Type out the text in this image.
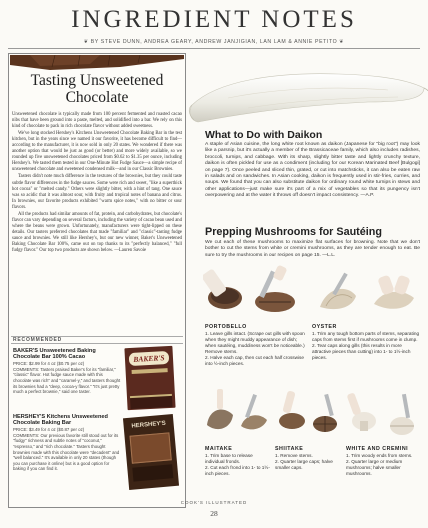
INGREDIENT NOTES
❦ BY STEVE DUNN, ANDREA GEARY, ANDREW JANJIGIAN, LAN LAM & ANNIE PETITO ❦
Tasting Unsweetened
Chocolate

Unsweetened chocolate is typically made from 100 percent fermented and roasted cacao nibs that have been ground into a paste, melted, and solidified into a bar. We rely on this kind of chocolate to pack in rich chocolate flavor without added sweetness.

We've long stocked Hershey's Kitchens Unsweetened Chocolate Baking Bar in the test kitchen, but in the years since we named it our favorite, it has become difficult to find—according to the manufacturer, it is now sold in only 20 states. We wondered if there was another option that would be just as good (or better) and more widely available, so we rounded up five unsweetened chocolates priced from $0.62 to $1.35 per ounce, including Hershey's. We tasted them tested in our One-Minute Hot Fudge Sauce—a simple recipe of unsweetened chocolate and sweetened condensed milk—and in our Classic Brownies.

Tasters didn't note much difference in the textures of the brownies, but they could taste subtle flavor differences in the fudge sauces. Some were rich and sweet, "like a superthick hot cocoa" or "melted candy." Others were slightly bitter, with a hint of tang. One sauce was so acidic that it was almost sour, with fruity and tropical notes of banana and citrus. In brownies, our favorite products exhibited "warm spice notes," with no bitter or sour flavors.

All the products had similar amounts of fat, protein, and carbohydrates, but chocolate's flavor can vary depending on several factors, including the variety of cacao bean used and where the beans were grown. Unfortunately, manufacturers were tight-lipped on these details. Our tasters preferred chocolates that made "familiar" and "classic"-tasting fudge sauce and brownies. We still like Hershey's, but our new winner, Baker's Unsweetened Baking Chocolate Bar 100%, came out on top thanks to its "perfectly balanced," "full fudgy flavor." Our top two products are shown below. —Lauren Savoie

RECOMMENDED
BAKER'S Unsweetened Baking
Chocolate Bar 100% Cacao
PRICE: $2.99 for 4 oz ($0.75 per oz)
COMMENTS: Tasters praised Baker's for its "familiar," "classic" flavor. Hot fudge sauce made with this chocolate was rich" and "caramel-y," and tasters thought its brownies had a "deep, cocoa-y flavor." "It's just pretty much a perfect brownie," said one taster.
BAKER'S
HERSHEY'S Kitchens Unsweetened
Chocolate Baking Bar
PRICE: $3.49 for 4 oz ($0.87 per oz)
COMMENTS: Our previous favorite still stood out for its "fudgy" richness and subtle notes of "coconut," "espresso," and "rich chocolate." Tasters thought brownies made with this chocolate were "decadent" and "well balanced." It's available in only 20 states (though you can purchase it online) but is a good option for baking if you can find it.
HERSHEY'S
What to Do with Daikon
A staple of Asian cuisine, the long white root known as daikon (Japanese for "big root") may look like a parsnip, but it's actually a member of the Brassicaceae family, which also includes radishes, broccoli, turnips, and cabbage. With its sharp, slightly bitter taste and lightly crunchy texture, daikon is often pickled for use as a condiment (including for our Korean Marinated Beef [Bulgogi] on page 7). Once peeled and sliced thin, grated, or cut into matchsticks, it can also be eaten raw in salads and on sandwiches. In Asian cooking, daikon is frequently used in stir-fries, curries, and soups. We found that you can also substitute daikon for ordinary round white turnips in stews and other applications—just make sure it's part of a mix of vegetables so that its pungency isn't overpowering and at the water it throws off doesn't impact consistency. —A.P.
Prepping Mushrooms for Sautéing
We cut each of these mushrooms to maximize flat surfaces for browning. Note that we don't bother to cut the stems from white or cremini mushrooms, as they are tender enough to eat. Be sure to try the mushrooms in our recipes on page 15. —L.L.
PORTOBELLO

1. Leave gills intact. (Scrape out gills with spoon when they might muddy appearance of dish; when sautéing, muddiness won't be noticeable.) Remove stems.

2. Halve each cap, then cut each half crosswise into ½-inch pieces.

OYSTER

1. Trim any tough bottom parts of stems, separating caps from stems first if mushrooms come in clump.

2. Tear caps along gills (this results in more attractive pieces than cutting) into 1- to 1½-inch pieces.

MAITAKE

1. Trim base to release individual fronds.

2. Cut each frond into 1- to 1½-inch pieces.

SHIITAKE

1. Remove stems.

2. Quarter large caps; halve smaller caps.

WHITE AND CREMINI

1. Trim woody ends from stems.

2. Quarter large or medium mushrooms; halve smaller mushrooms.

COOK'S ILLUSTRATED
28
